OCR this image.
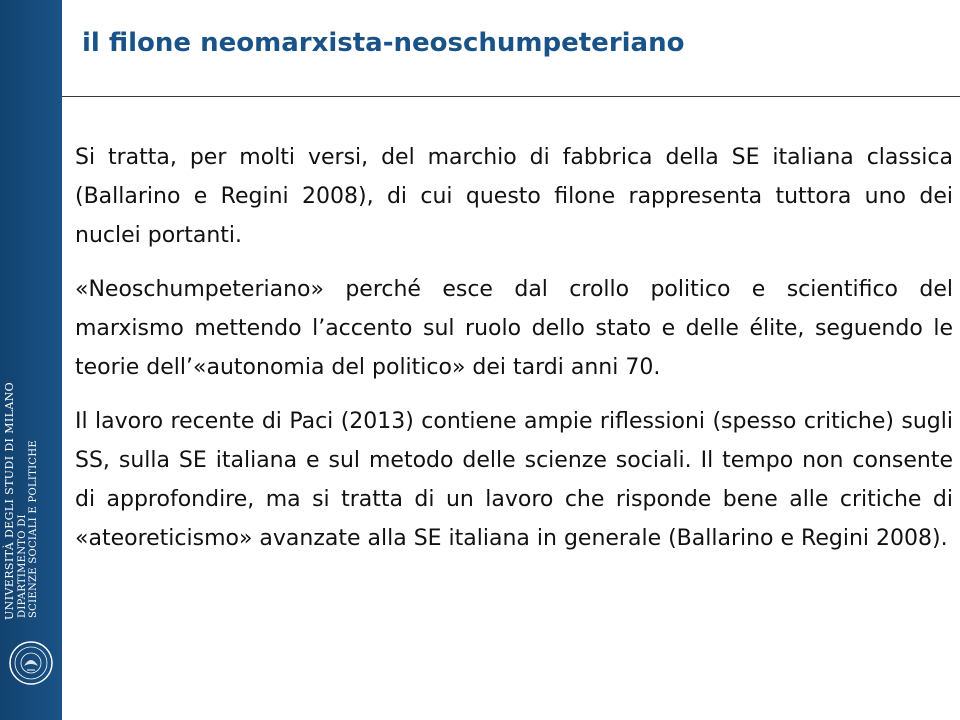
UNIVERSITÀ DEGLI STUDI DI MILANO DIPARTIMENTO DI SCIENZE SOCIALI E POLITICHE
il filone neomarxista-neoschumpeteriano

Si tratta, per molti versi, del marchio di fabbrica della SE italiana classica (Ballarino e Regini 2008), di cui questo filone rappresenta tuttora uno dei nuclei portanti.

«Neoschumpeteriano» perché esce dal crollo politico e scientifico del marxismo mettendo l’accento sul ruolo dello stato e delle élite, seguendo le teorie dell’«autonomia del politico» dei tardi anni 70.

Il lavoro recente di Paci (2013) contiene ampie riflessioni (spesso critiche) sugli SS, sulla SE italiana e sul metodo delle scienze sociali. Il tempo non consente di approfondire, ma si tratta di un lavoro che risponde bene alle critiche di «ateoreticismo» avanzate alla SE italiana in generale (Ballarino e Regini 2008).
